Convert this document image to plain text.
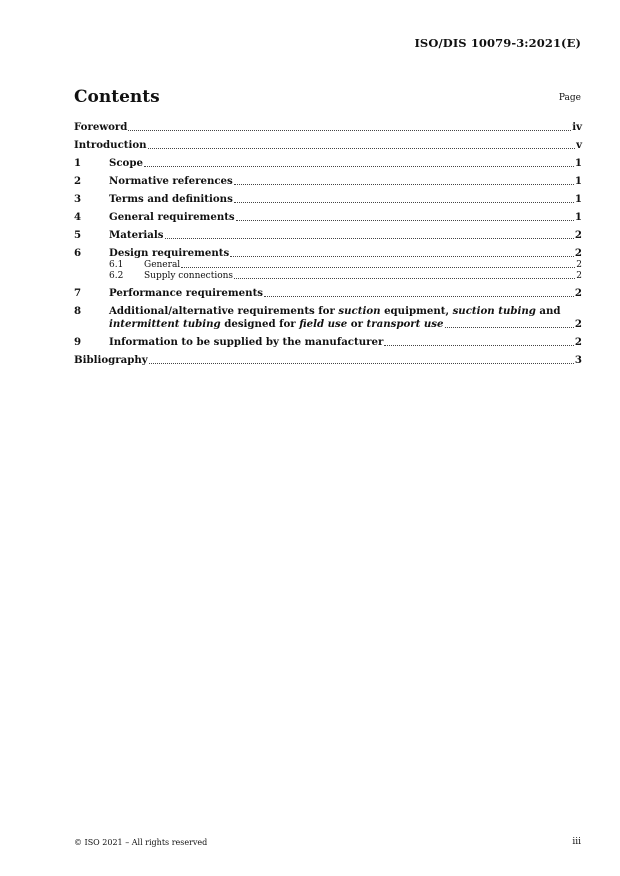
ISO/DIS 10079-3:2021(E)
Contents	Page
Foreword	iv
Introduction	v
1	Scope	1
2	Normative references	1
3	Terms and definitions	1
4	General requirements	1
5	Materials	2
6	Design requirements	2
6.1	General	2
6.2	Supply connections	2
7	Performance requirements	2
8	Additional/alternative requirements for suction equipment, suction tubing and
intermittent tubing designed for field use or transport use	2
9	Information to be supplied by the manufacturer	2
Bibliography	3
© ISO 2021 – All rights reserved	iii
